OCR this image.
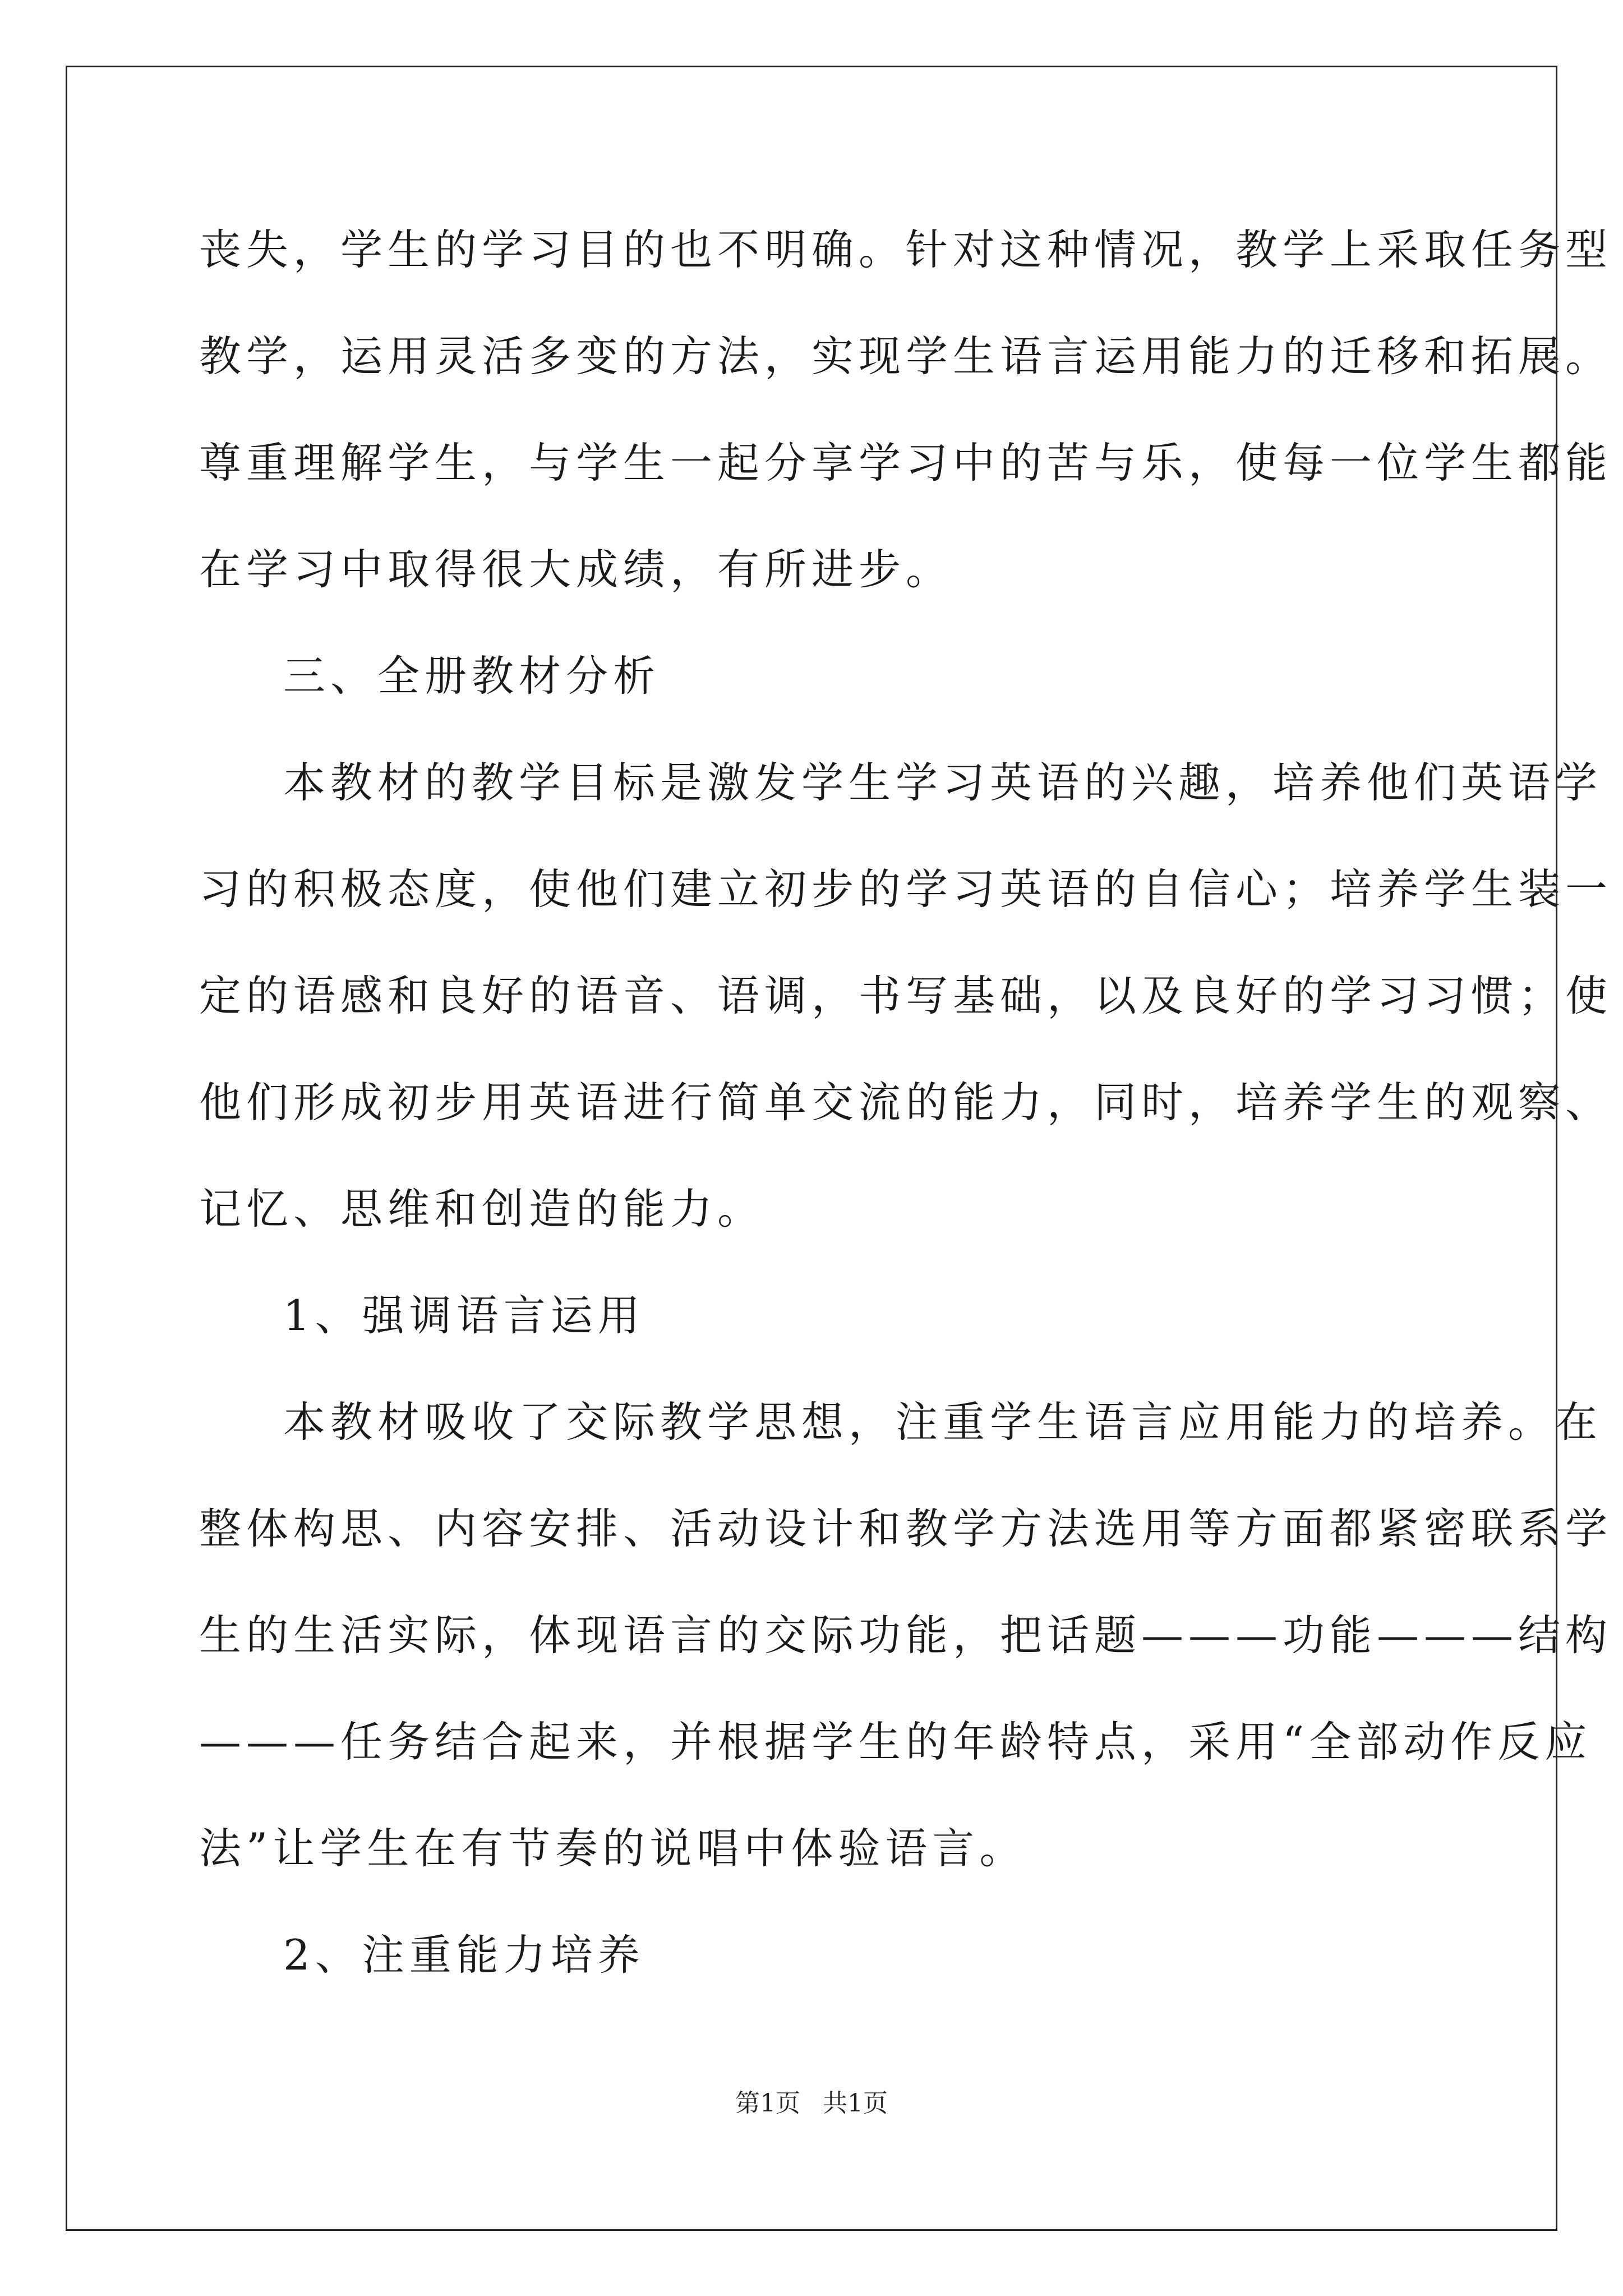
丧失，学生的学习目的也不明确。针对这种情况，教学上采取任务型
教学，运用灵活多变的方法，实现学生语言运用能力的迁移和拓展。
尊重理解学生，与学生一起分享学习中的苦与乐，使每一位学生都能
在学习中取得很大成绩，有所进步。
三、全册教材分析
本教材的教学目标是激发学生学习英语的兴趣，培养他们英语学
习的积极态度，使他们建立初步的学习英语的自信心；培养学生装一
定的语感和良好的语音、语调，书写基础，以及良好的学习习惯；使
他们形成初步用英语进行简单交流的能力，同时，培养学生的观察、
记忆、思维和创造的能力。
1、强调语言运用
本教材吸收了交际教学思想，注重学生语言应用能力的培养。在
整体构思、内容安排、活动设计和教学方法选用等方面都紧密联系学
生的生活实际，体现语言的交际功能，把话题———功能———结构
———任务结合起来，并根据学生的年龄特点，采用“全部动作反应
法”让学生在有节奏的说唱中体验语言。
2、注重能力培养
第1页 共1页
